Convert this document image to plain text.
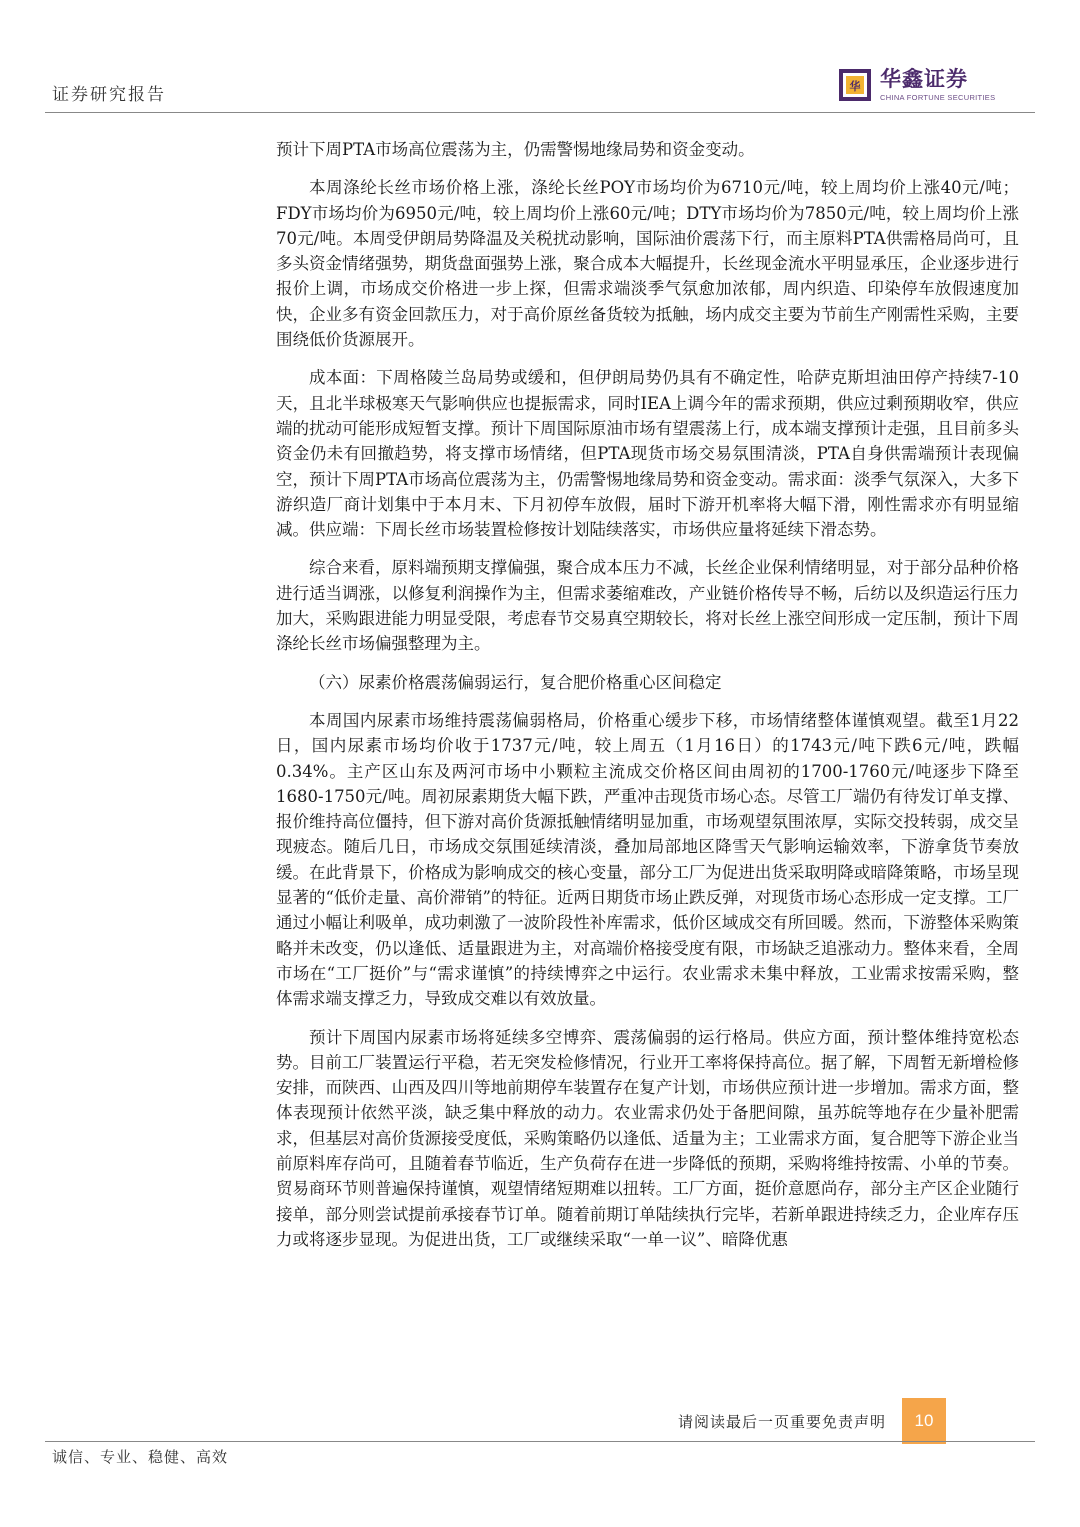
证券研究报告	华 华鑫证券
CHINA FORTUNE SECURITIES

预计下周PTA市场高位震荡为主，仍需警惕地缘局势和资金变动。

本周涤纶长丝市场价格上涨，涤纶长丝POY市场均价为6710元/吨，较上周均价上涨40元/吨；FDY市场均价为6950元/吨，较上周均价上涨60元/吨；DTY市场均价为7850元/吨，较上周均价上涨70元/吨。本周受伊朗局势降温及关税扰动影响，国际油价震荡下行，而主原料PTA供需格局尚可，且多头资金情绪强势，期货盘面强势上涨，聚合成本大幅提升，长丝现金流水平明显承压，企业逐步进行报价上调，市场成交价格进一步上探，但需求端淡季气氛愈加浓郁，周内织造、印染停车放假速度加快，企业多有资金回款压力，对于高价原丝备货较为抵触，场内成交主要为节前生产刚需性采购，主要围绕低价货源展开。

成本面：下周格陵兰岛局势或缓和，但伊朗局势仍具有不确定性，哈萨克斯坦油田停产持续7-10天，且北半球极寒天气影响供应也提振需求，同时IEA上调今年的需求预期，供应过剩预期收窄，供应端的扰动可能形成短暂支撑。预计下周国际原油市场有望震荡上行，成本端支撑预计走强，且目前多头资金仍未有回撤趋势，将支撑市场情绪，但PTA现货市场交易氛围清淡，PTA自身供需端预计表现偏空，预计下周PTA市场高位震荡为主，仍需警惕地缘局势和资金变动。需求面：淡季气氛深入，大多下游织造厂商计划集中于本月末、下月初停车放假，届时下游开机率将大幅下滑，刚性需求亦有明显缩减。供应端：下周长丝市场装置检修按计划陆续落实，市场供应量将延续下滑态势。

综合来看，原料端预期支撑偏强，聚合成本压力不减，长丝企业保利情绪明显，对于部分品种价格进行适当调涨，以修复利润操作为主，但需求萎缩难改，产业链价格传导不畅，后纺以及织造运行压力加大，采购跟进能力明显受限，考虑春节交易真空期较长，将对长丝上涨空间形成一定压制，预计下周涤纶长丝市场偏强整理为主。

（六）尿素价格震荡偏弱运行，复合肥价格重心区间稳定

本周国内尿素市场维持震荡偏弱格局，价格重心缓步下移，市场情绪整体谨慎观望。截至1月22日，国内尿素市场均价收于1737元/吨，较上周五（1月16日）的1743元/吨下跌6元/吨，跌幅0.34%。主产区山东及两河市场中小颗粒主流成交价格区间由周初的1700-1760元/吨逐步下降至1680-1750元/吨。周初尿素期货大幅下跌，严重冲击现货市场心态。尽管工厂端仍有待发订单支撑、报价维持高位僵持，但下游对高价货源抵触情绪明显加重，市场观望氛围浓厚，实际交投转弱，成交呈现疲态。随后几日，市场成交氛围延续清淡，叠加局部地区降雪天气影响运输效率，下游拿货节奏放缓。在此背景下，价格成为影响成交的核心变量，部分工厂为促进出货采取明降或暗降策略，市场呈现显著的“低价走量、高价滞销”的特征。近两日期货市场止跌反弹，对现货市场心态形成一定支撑。工厂通过小幅让利吸单，成功刺激了一波阶段性补库需求，低价区域成交有所回暖。然而，下游整体采购策略并未改变，仍以逢低、适量跟进为主，对高端价格接受度有限，市场缺乏追涨动力。整体来看，全周市场在“工厂挺价”与“需求谨慎”的持续博弈之中运行。农业需求未集中释放，工业需求按需采购，整体需求端支撑乏力，导致成交难以有效放量。

预计下周国内尿素市场将延续多空博弈、震荡偏弱的运行格局。供应方面，预计整体维持宽松态势。目前工厂装置运行平稳，若无突发检修情况，行业开工率将保持高位。据了解，下周暂无新增检修安排，而陕西、山西及四川等地前期停车装置存在复产计划，市场供应预计进一步增加。需求方面，整体表现预计依然平淡，缺乏集中释放的动力。农业需求仍处于备肥间隙，虽苏皖等地存在少量补肥需求，但基层对高价货源接受度低，采购策略仍以逢低、适量为主；工业需求方面，复合肥等下游企业当前原料库存尚可，且随着春节临近，生产负荷存在进一步降低的预期，采购将维持按需、小单的节奏。贸易商环节则普遍保持谨慎，观望情绪短期难以扭转。工厂方面，挺价意愿尚存，部分主产区企业随行接单，部分则尝试提前承接春节订单。随着前期订单陆续执行完毕，若新单跟进持续乏力，企业库存压力或将逐步显现。为促进出货，工厂或继续采取“一单一议”、暗降优惠

请阅读最后一页重要免责声明	10
诚信、专业、稳健、高效
